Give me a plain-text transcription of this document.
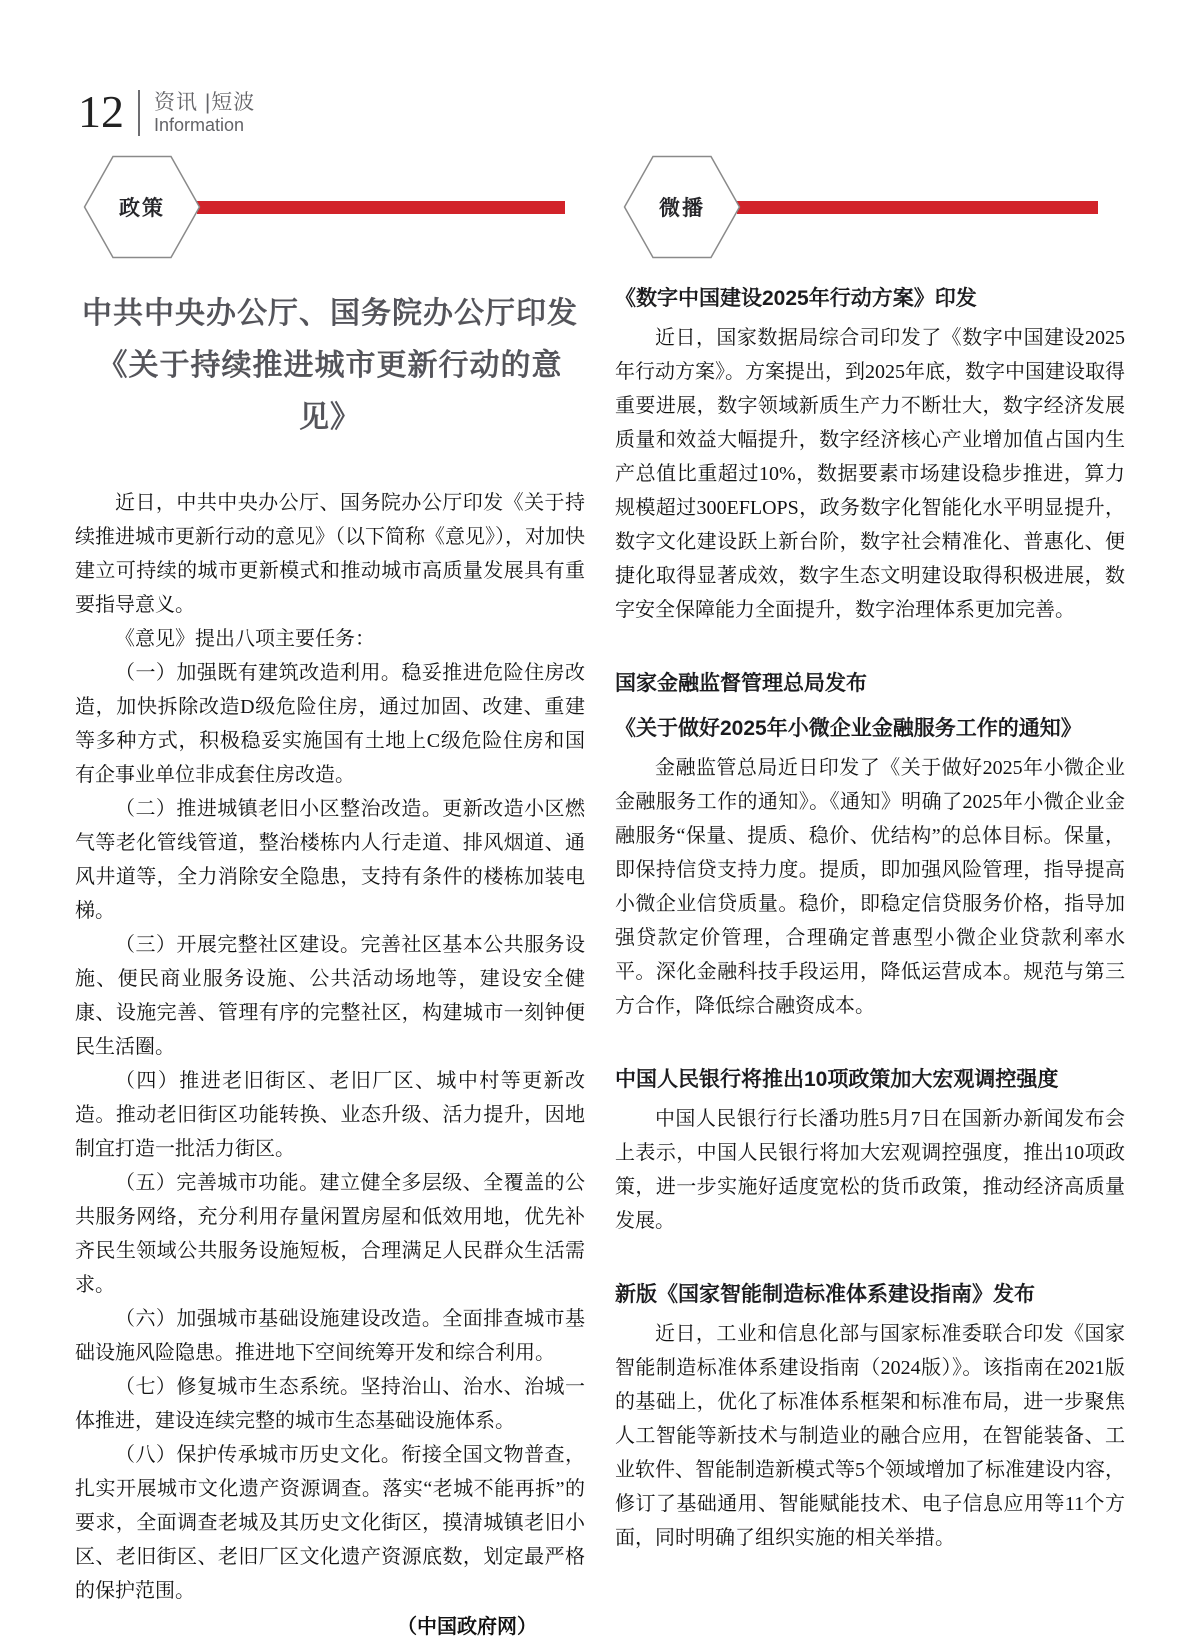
12	资讯 |短波
Information
政策
中共中央办公厅、国务院办公厅印发
《关于持续推进城市更新行动的意见》

近日，中共中央办公厅、国务院办公厅印发《关于持续推进城市更新行动的意见》（以下简称《意见》），对加快建立可持续的城市更新模式和推动城市高质量发展具有重要指导意义。

《意见》提出八项主要任务：

（一）加强既有建筑改造利用。稳妥推进危险住房改造，加快拆除改造D级危险住房，通过加固、改建、重建等多种方式，积极稳妥实施国有土地上C级危险住房和国有企事业单位非成套住房改造。

（二）推进城镇老旧小区整治改造。更新改造小区燃气等老化管线管道，整治楼栋内人行走道、排风烟道、通风井道等，全力消除安全隐患，支持有条件的楼栋加装电梯。

（三）开展完整社区建设。完善社区基本公共服务设施、便民商业服务设施、公共活动场地等，建设安全健康、设施完善、管理有序的完整社区，构建城市一刻钟便民生活圈。

（四）推进老旧街区、老旧厂区、城中村等更新改造。推动老旧街区功能转换、业态升级、活力提升，因地制宜打造一批活力街区。

（五）完善城市功能。建立健全多层级、全覆盖的公共服务网络，充分利用存量闲置房屋和低效用地，优先补齐民生领域公共服务设施短板，合理满足人民群众生活需求。

（六）加强城市基础设施建设改造。全面排查城市基础设施风险隐患。推进地下空间统筹开发和综合利用。

（七）修复城市生态系统。坚持治山、治水、治城一体推进，建设连续完整的城市生态基础设施体系。

（八）保护传承城市历史文化。衔接全国文物普查，扎实开展城市文化遗产资源调查。落实“老城不能再拆”的要求，全面调查老城及其历史文化街区，摸清城镇老旧小区、老旧街区、老旧厂区文化遗产资源底数，划定最严格的保护范围。

（中国政府网）
微播
《数字中国建设2025年行动方案》印发

近日，国家数据局综合司印发了《数字中国建设2025年行动方案》。方案提出，到2025年底，数字中国建设取得重要进展，数字领域新质生产力不断壮大，数字经济发展质量和效益大幅提升，数字经济核心产业增加值占国内生产总值比重超过10%，数据要素市场建设稳步推进，算力规模超过300EFLOPS，政务数字化智能化水平明显提升，数字文化建设跃上新台阶，数字社会精准化、普惠化、便捷化取得显著成效，数字生态文明建设取得积极进展，数字安全保障能力全面提升，数字治理体系更加完善。

国家金融监督管理总局发布
《关于做好2025年小微企业金融服务工作的通知》

金融监管总局近日印发了《关于做好2025年小微企业金融服务工作的通知》。《通知》明确了2025年小微企业金融服务“保量、提质、稳价、优结构”的总体目标。保量，即保持信贷支持力度。提质，即加强风险管理，指导提高小微企业信贷质量。稳价，即稳定信贷服务价格，指导加强贷款定价管理，合理确定普惠型小微企业贷款利率水平。深化金融科技手段运用，降低运营成本。规范与第三方合作，降低综合融资成本。

中国人民银行将推出10项政策加大宏观调控强度

中国人民银行行长潘功胜5月7日在国新办新闻发布会上表示，中国人民银行将加大宏观调控强度，推出10项政策，进一步实施好适度宽松的货币政策，推动经济高质量发展。

新版《国家智能制造标准体系建设指南》发布

近日，工业和信息化部与国家标准委联合印发《国家智能制造标准体系建设指南（2024版）》。该指南在2021版的基础上，优化了标准体系框架和标准布局，进一步聚焦人工智能等新技术与制造业的融合应用，在智能装备、工业软件、智能制造新模式等5个领域增加了标准建设内容，修订了基础通用、智能赋能技术、电子信息应用等11个方面，同时明确了组织实施的相关举措。
